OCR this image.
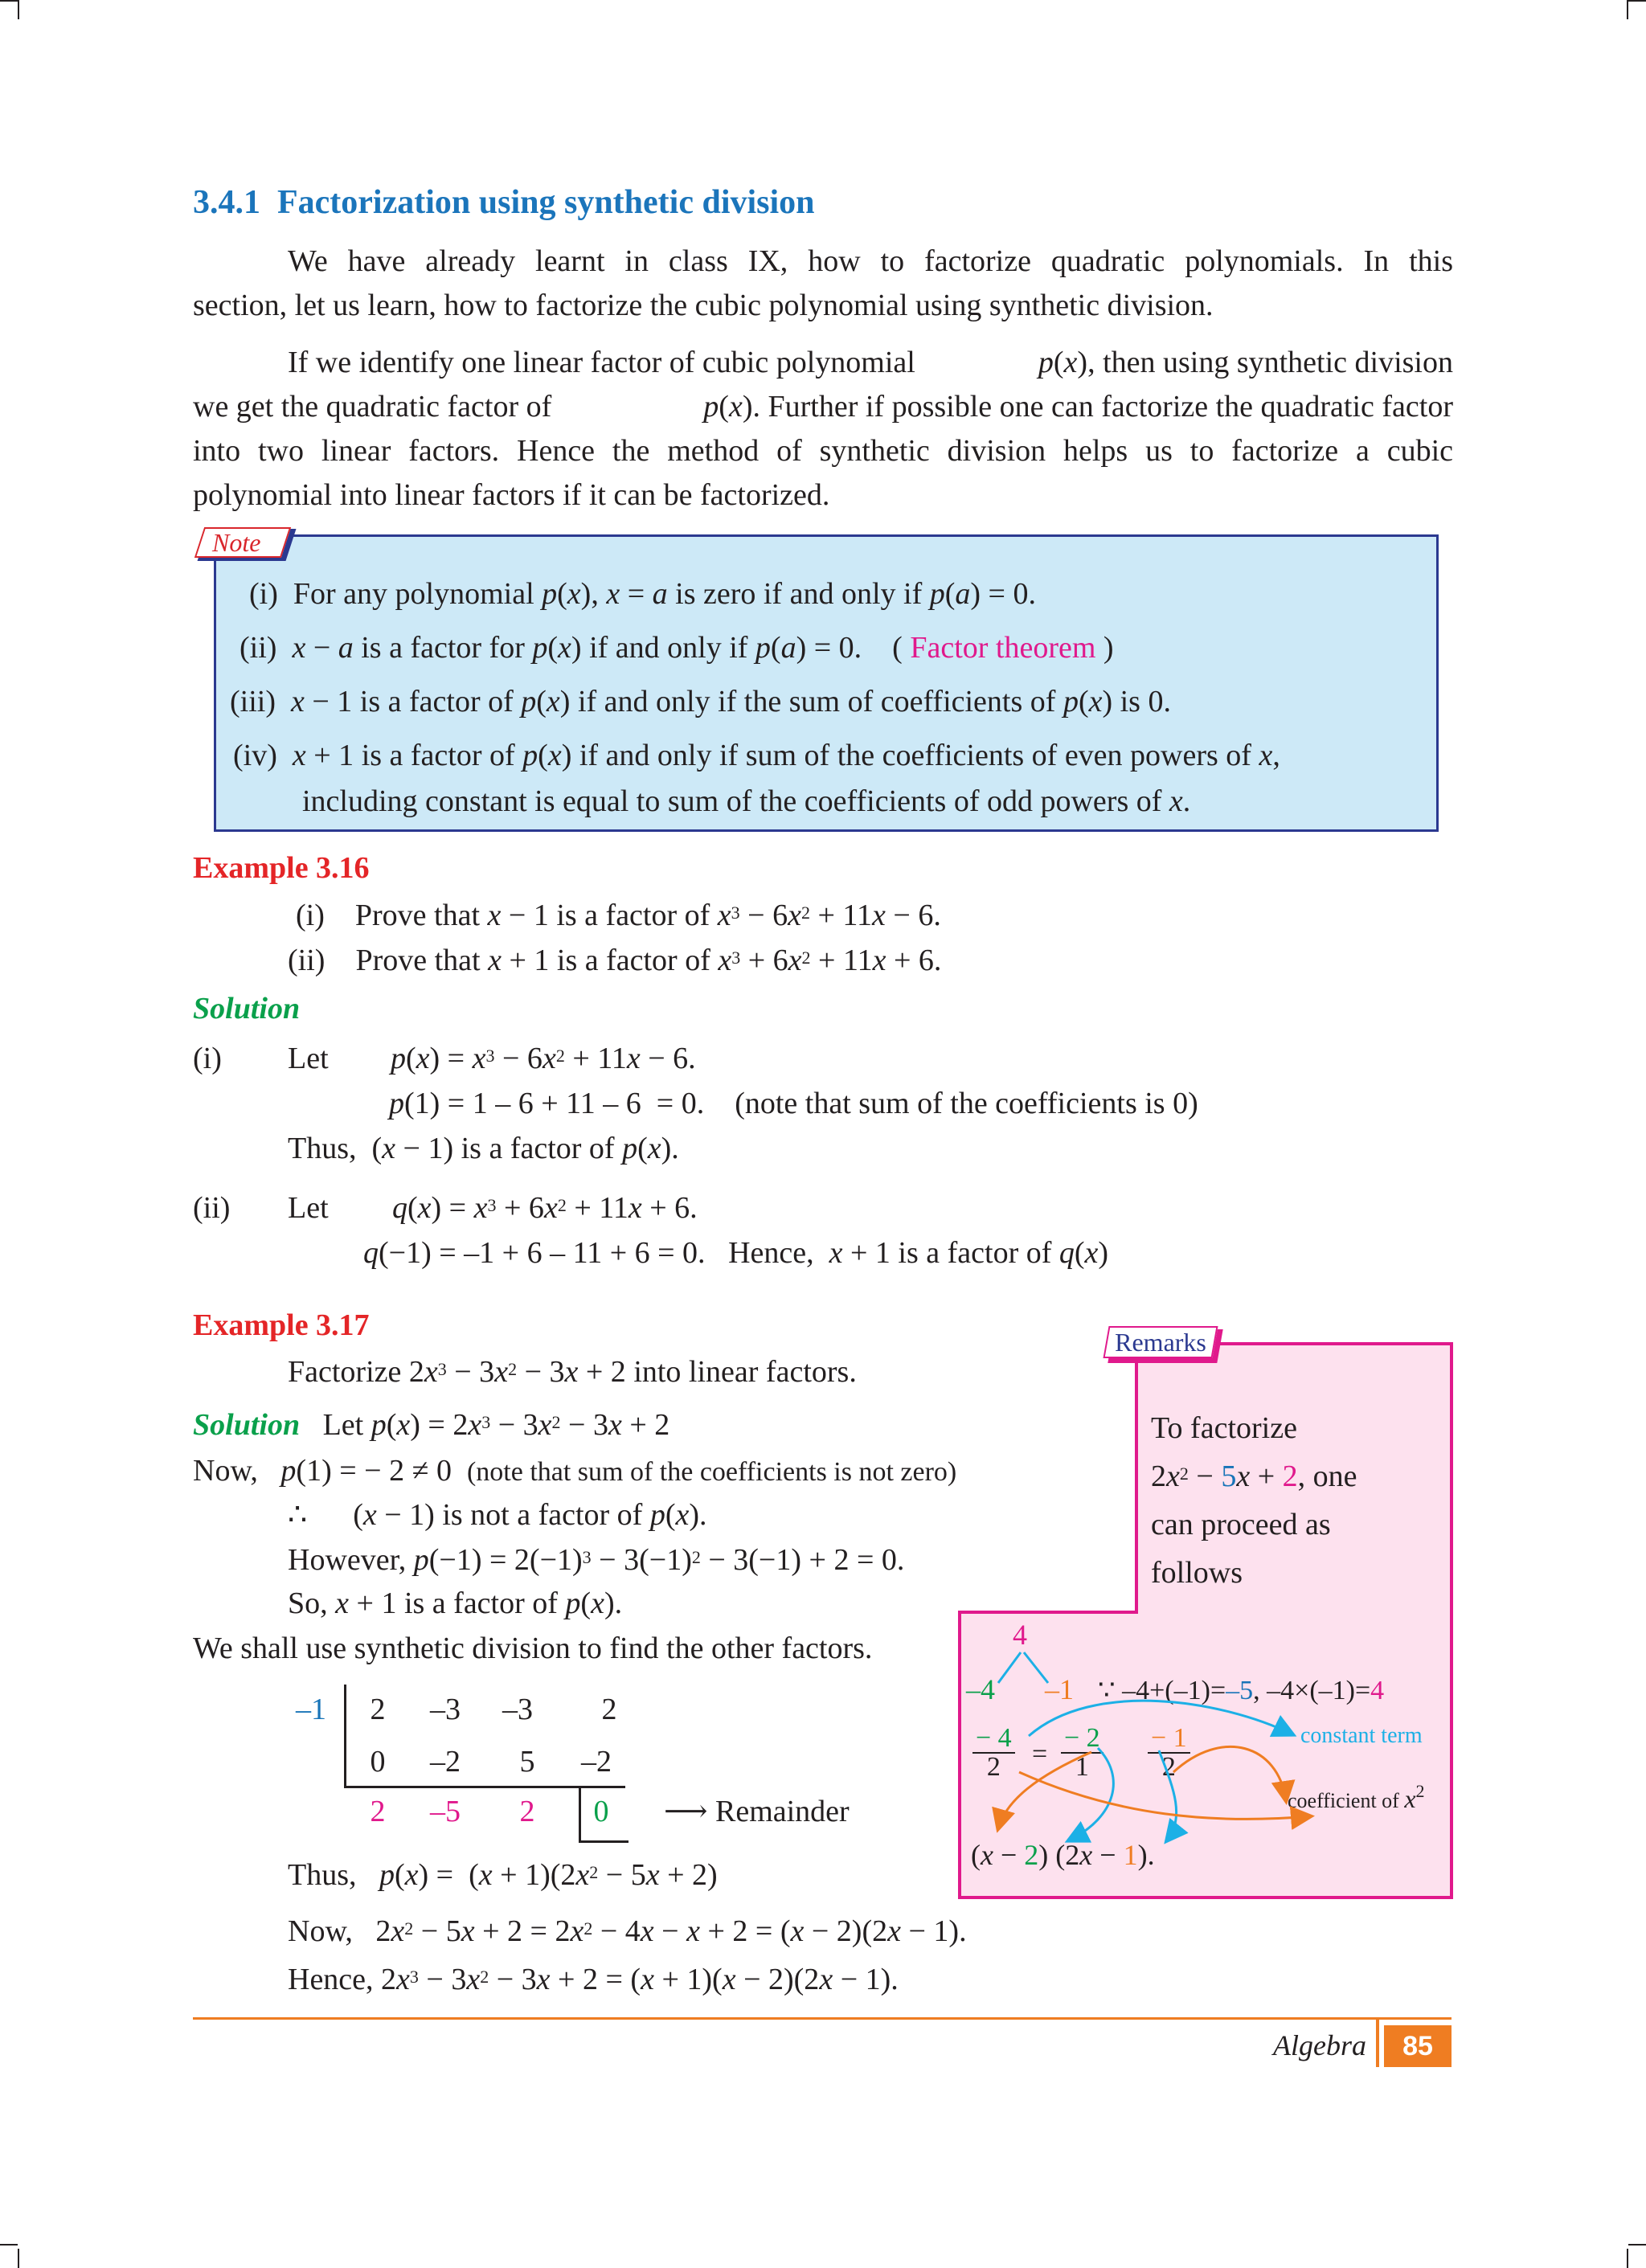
3.4.1 Factorization using synthetic division
We have already learnt in class IX, how to factorize quadratic polynomials. In this
section, let us learn, how to factorize the cubic polynomial using synthetic division.
If we identify one linear factor of cubic polynomial	p(x), then using synthetic division
we get the quadratic factor of	p(x). Further if possible one can factorize the quadratic factor
into two linear factors. Hence the method of synthetic division helps us to factorize a cubic
polynomial into linear factors if it can be factorized.
Note
(i) For any polynomial p(x), x = a is zero if and only if p(a) = 0.
(ii) x − a is a factor for p(x) if and only if p(a) = 0.    ( Factor theorem )
(iii) x − 1 is a factor of p(x) if and only if the sum of coefficients of p(x) is 0.
(iv) x + 1 is a factor of p(x) if and only if sum of the coefficients of even powers of x,
including constant is equal to sum of the coefficients of odd powers of x.
Example 3.16
(i) Prove that x − 1 is a factor of $x^3 - 6x^2 + 11x - 6$.
(ii) Prove that x + 1 is a factor of $x^3 + 6x^2 + 11x + 6$.
Solution
(i) Let $p(x) = x^3 - 6x^2 + 11x - 6$.
p(1) = 1 – 6 + 11 – 6  = 0.    (note that sum of the coefficients is 0)
Thus,  (x − 1) is a factor of p(x).
(ii) Let $q(x) = x^3 + 6x^2 + 11x + 6$.
q(−1) = –1 + 6 – 11 + 6 = 0.   Hence, x + 1 is a factor of q(x)
Example 3.17
Factorize $2x^3 - 3x^2 - 3x + 2$ into linear factors.
Solution Let $p(x) = 2x^3 - 3x^2 - 3x + 2$
Now, p(1) = − 2 ≠ 0  (note that sum of the coefficients is not zero)
∴      (x − 1) is not a factor of p(x).
However, $p(-1) = 2(-1)^3 - 3(-1)^2 - 3(-1) + 2 = 0$.
So, x + 1 is a factor of p(x).
We shall use synthetic division to find the other factors.
–1 2 –3 –3 2
0 –2 5 –2
2 –5 2 0 ⟶ Remainder
Thus, $p(x) = (x + 1)(2x^2 - 5x + 2)$
Now,   $2x^2 - 5x + 2 = 2x^2 - 4x - x + 2 = (x - 2)(2x - 1)$.
Hence, $2x^3 - 3x^2 - 3x + 2 = (x + 1)(x - 2)(2x - 1)$.
Remarks
To factorize
$2x^2 - 5x + 2$, one
can proceed as
follows
4
–4 –1 ∵ –4+(–1)=–5, –4×(–1)=4
$\frac{- 4}{2} = \frac{- 2}{1} \frac{- 1}{2}$	constant term
coefficient of $x^2$
(x − 2) (2x − 1).
Algebra	85
